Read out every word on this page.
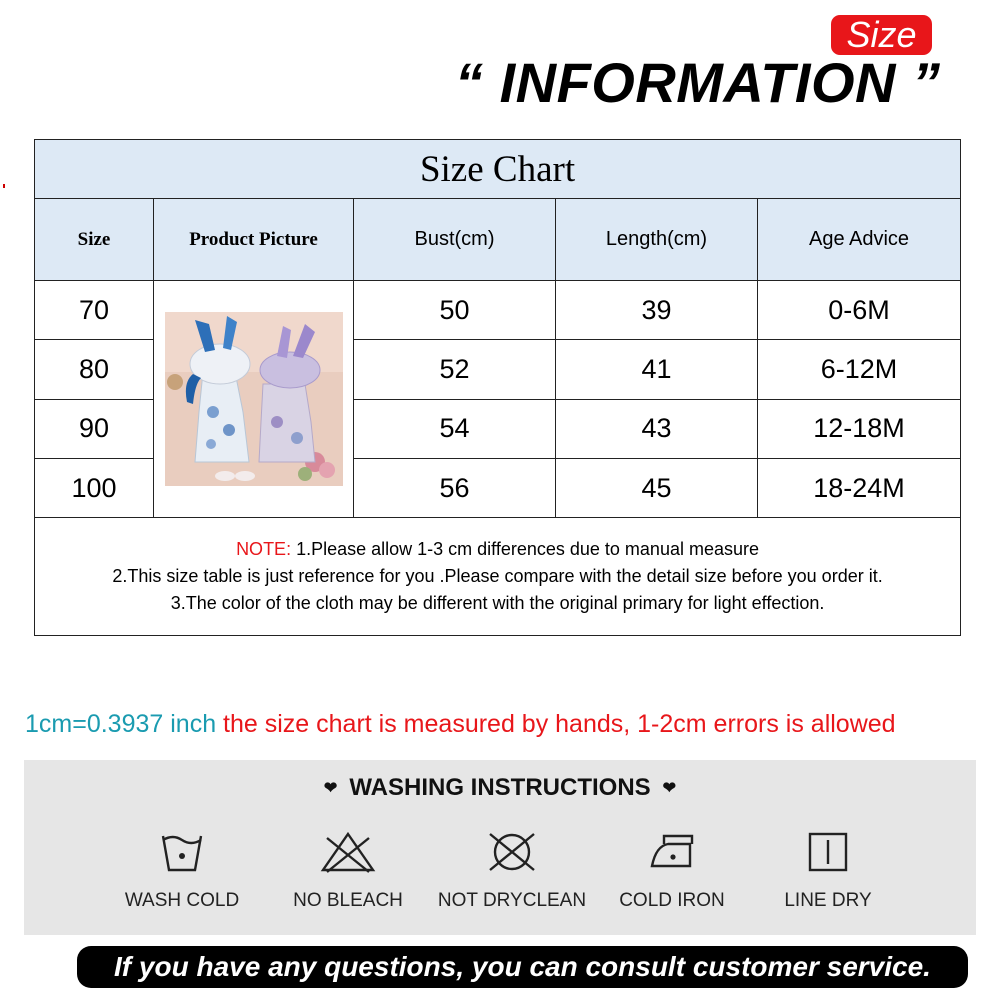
Size
“ INFORMATION ”
Size Chart				
Size	Product Picture	Bust(cm)	Length(cm)	Age Advice
70		50	39	0-6M
80		52	41	6-12M
90		54	43	12-18M
100		56	45	18-24M

NOTE: 1.Please allow 1-3 cm differences due to manual measure
2.This size table is just reference for you .Please compare with the detail size before you order it.
3.The color of the cloth may be different with the original primary for light effection.				
1cm=0.3937 inch the size chart is measured by hands, 1-2cm errors is allowed
❤ WASHING INSTRUCTIONS ❤
WASH COLD	NO BLEACH	NOT DRYCLEAN	COLD IRON	LINE DRY
If you have any questions, you can consult customer service.
